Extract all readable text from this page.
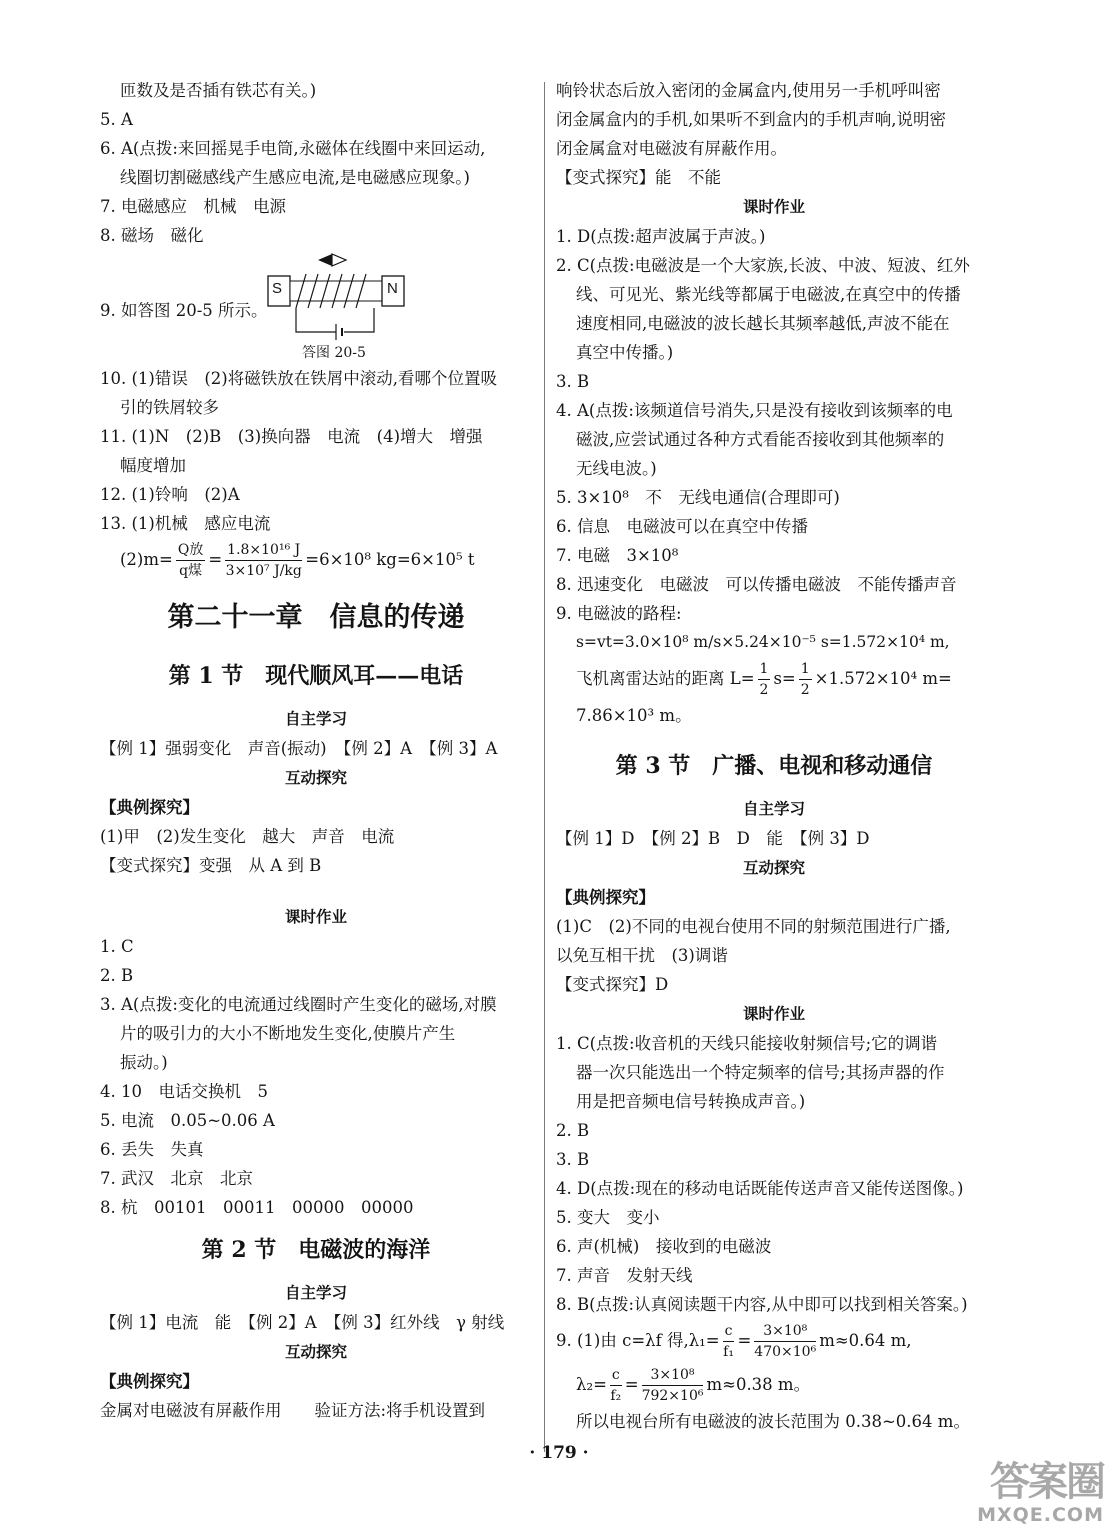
匝数及是否插有铁芯有关。)
5. A
6. A(点拨:来回摇晃手电筒,永磁体在线圈中来回运动,
线圈切割磁感线产生感应电流,是电磁感应现象。)
7. 电磁感应　机械　电源
8. 磁场　磁化
9. 如答图 20-5 所示。
S	N
答图 20-5
10. (1)错误　(2)将磁铁放在铁屑中滚动,看哪个位置吸
引的铁屑较多
11. (1)N　(2)B　(3)换向器　电流　(4)增大　增强
幅度增加
12. (1)铃响　(2)A
13. (1)机械　感应电流
$(2)m= \frac{\text{Q放}}{\text{q煤}} = \frac{\text{1.8×10¹⁶ J}}{\text{3×10⁷ J/kg}} =6\times 10^8$ kg=6×10⁵ t
第二十一章　信息的传递
第 1 节　现代顺风耳——电话
自主学习
【例 1】强弱变化　声音(振动)　【例 2】A　【例 3】A
互动探究
【典例探究】
(1)甲　(2)发生变化　越大　声音　电流
【变式探究】变强　从 A 到 B
课时作业
1. C
2. B
3. A(点拨:变化的电流通过线圈时产生变化的磁场,对膜
片的吸引力的大小不断地发生变化,使膜片产生
振动。)
4. 10　电话交换机　5
5. 电流　0.05~0.06 A
6. 丢失　失真
7. 武汉　北京　北京
8. 杭　00101　00011　00000　00000
第 2 节　电磁波的海洋
自主学习
【例 1】电流　能　【例 2】A　【例 3】红外线　γ 射线
互动探究
【典例探究】
金属对电磁波有屏蔽作用　　验证方法:将手机设置到
响铃状态后放入密闭的金属盒内,使用另一手机呼叫密
闭金属盒内的手机,如果听不到盒内的手机声响,说明密
闭金属盒对电磁波有屏蔽作用。
【变式探究】能　不能
课时作业
1. D(点拨:超声波属于声波。)
2. C(点拨:电磁波是一个大家族,长波、中波、短波、红外
线、可见光、紫光线等都属于电磁波,在真空中的传播
速度相同,电磁波的波长越长其频率越低,声波不能在
真空中传播。)
3. B
4. A(点拨:该频道信号消失,只是没有接收到该频率的电
磁波,应尝试通过各种方式看能否接收到其他频率的
无线电波。)
5. 3×10⁸　不　无线电通信(合理即可)
6. 信息　电磁波可以在真空中传播
7. 电磁　3×10⁸
8. 迅速变化　电磁波　可以传播电磁波　不能传播声音
9. 电磁波的路程:
s=vt=3.0×10⁸ m/s×5.24×10⁻⁵ s=1.572×10⁴ m,
飞机离雷达站的距离 $L= \frac{1}{2} s= \frac{1}{2} \times 1.572\times 10^4$ m=
7.86×10³ m。
第 3 节　广播、电视和移动通信
自主学习
【例 1】D　【例 2】B　D　能　【例 3】D
互动探究
【典例探究】
(1)C　(2)不同的电视台使用不同的射频范围进行广播,
以免互相干扰　(3)调谐
【变式探究】D
课时作业
1. C(点拨:收音机的天线只能接收射频信号;它的调谐
器一次只能选出一个特定频率的信号;其扬声器的作
用是把音频电信号转换成声音。)
2. B
3. B
4. D(点拨:现在的移动电话既能传送声音又能传送图像。)
5. 变大　变小
6. 声(机械)　接收到的电磁波
7. 声音　发射天线
8. B(点拨:认真阅读题干内容,从中即可以找到相关答案。)
9. (1)由 c=λf 得$,\lambda_1= \frac{c}{\text{f₁}} = \frac{\text{3×10⁸}}{\text{470×10⁶}} m\approx 0.64$ m,
$\lambda_2= \frac{c}{\text{f₂}} = \frac{\text{3×10⁸}}{\text{792×10⁶}} m\approx 0.38$ m。
所以电视台所有电磁波的波长范围为 0.38~0.64 m。
· 179 ·
答案圈
MXQE.COM
